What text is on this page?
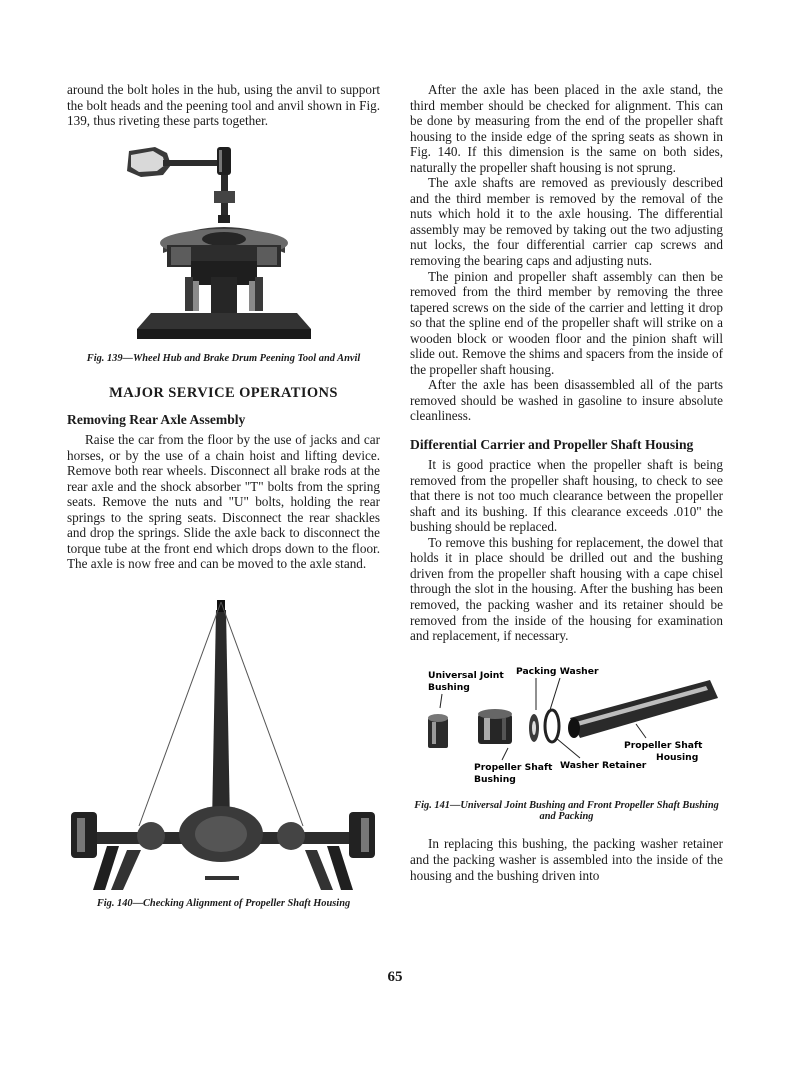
around the bolt holes in the hub, using the anvil to support the bolt heads and the peening tool and anvil shown in Fig. 139, thus riveting these parts together.

Fig. 139—Wheel Hub and Brake Drum Peening Tool and Anvil

MAJOR SERVICE OPERATIONS
Removing Rear Axle Assembly

Raise the car from the floor by the use of jacks and car horses, or by the use of a chain hoist and lifting device. Remove both rear wheels. Disconnect all brake rods at the rear axle and the shock absorber "T" bolts from the spring seats. Remove the nuts and "U" bolts, holding the rear springs to the spring seats. Disconnect the rear shackles and drop the springs. Slide the axle back to disconnect the torque tube at the front end which drops down to the floor. The axle is now free and can be moved to the axle stand.

Fig. 140—Checking Alignment of Propeller Shaft Housing

After the axle has been placed in the axle stand, the third member should be checked for alignment. This can be done by measuring from the end of the propeller shaft housing to the inside edge of the spring seats as shown in Fig. 140. If this dimension is the same on both sides, naturally the propeller shaft housing is not sprung.

The axle shafts are removed as previously described and the third member is removed by the removal of the nuts which hold it to the axle housing. The differential assembly may be removed by taking out the two adjusting nut locks, the four differential carrier cap screws and removing the bearing caps and adjusting nuts.

The pinion and propeller shaft assembly can then be removed from the third member by removing the three tapered screws on the side of the carrier and letting it drop so that the spline end of the propeller shaft will strike on a wooden block or wooden floor and the pinion shaft will slide out. Remove the shims and spacers from the inside of the propeller shaft housing.

After the axle has been disassembled all of the parts removed should be washed in gasoline to insure absolute cleanliness.

Differential Carrier and Propeller Shaft Housing

It is good practice when the propeller shaft is being removed from the propeller shaft housing, to check to see that there is not too much clearance between the propeller shaft and its bushing. If this clearance exceeds .010" the bushing should be replaced.

To remove this bushing for replacement, the dowel that holds it in place should be drilled out and the bushing driven from the propeller shaft housing with a cape chisel through the slot in the housing. After the bushing has been removed, the packing washer and its retainer should be removed from the inside of the housing for examination and replacement, if necessary.

Universal Joint
Bushing
Packing Washer
Propeller Shaft
Housing
Propeller Shaft
Bushing
Washer Retainer

Fig. 141—Universal Joint Bushing and Front Propeller Shaft Bushing and Packing

In replacing this bushing, the packing washer retainer and the packing washer is assembled into the inside of the housing and the bushing driven into

65
